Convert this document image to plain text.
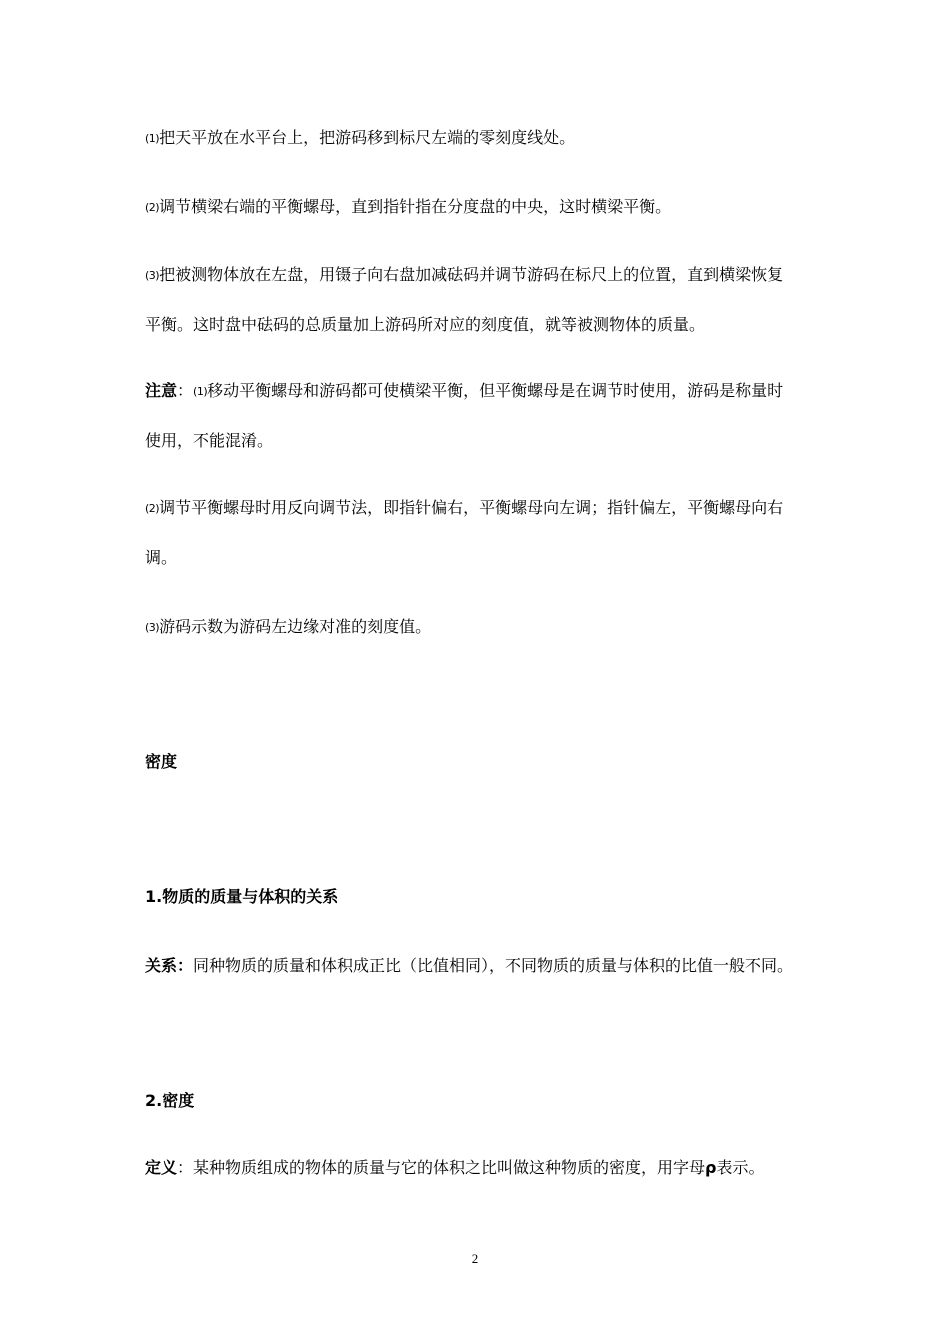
(1)把天平放在水平台上，把游码移到标尺左端的零刻度线处。
(2)调节横梁右端的平衡螺母，直到指针指在分度盘的中央，这时横梁平衡。
(3)把被测物体放在左盘，用镊子向右盘加减砝码并调节游码在标尺上的位置，直到横梁恢复
平衡。这时盘中砝码的总质量加上游码所对应的刻度值，就等被测物体的质量。
注意：(1)移动平衡螺母和游码都可使横梁平衡，但平衡螺母是在调节时使用，游码是称量时
使用，不能混淆。
(2)调节平衡螺母时用反向调节法，即指针偏右，平衡螺母向左调；指针偏左，平衡螺母向右
调。
(3)游码示数为游码左边缘对准的刻度值。
密度
1.物质的质量与体积的关系
关系：同种物质的质量和体积成正比（比值相同），不同物质的质量与体积的比值一般不同。
2.密度
定义：某种物质组成的物体的质量与它的体积之比叫做这种物质的密度，用字母ρ表示。
2
